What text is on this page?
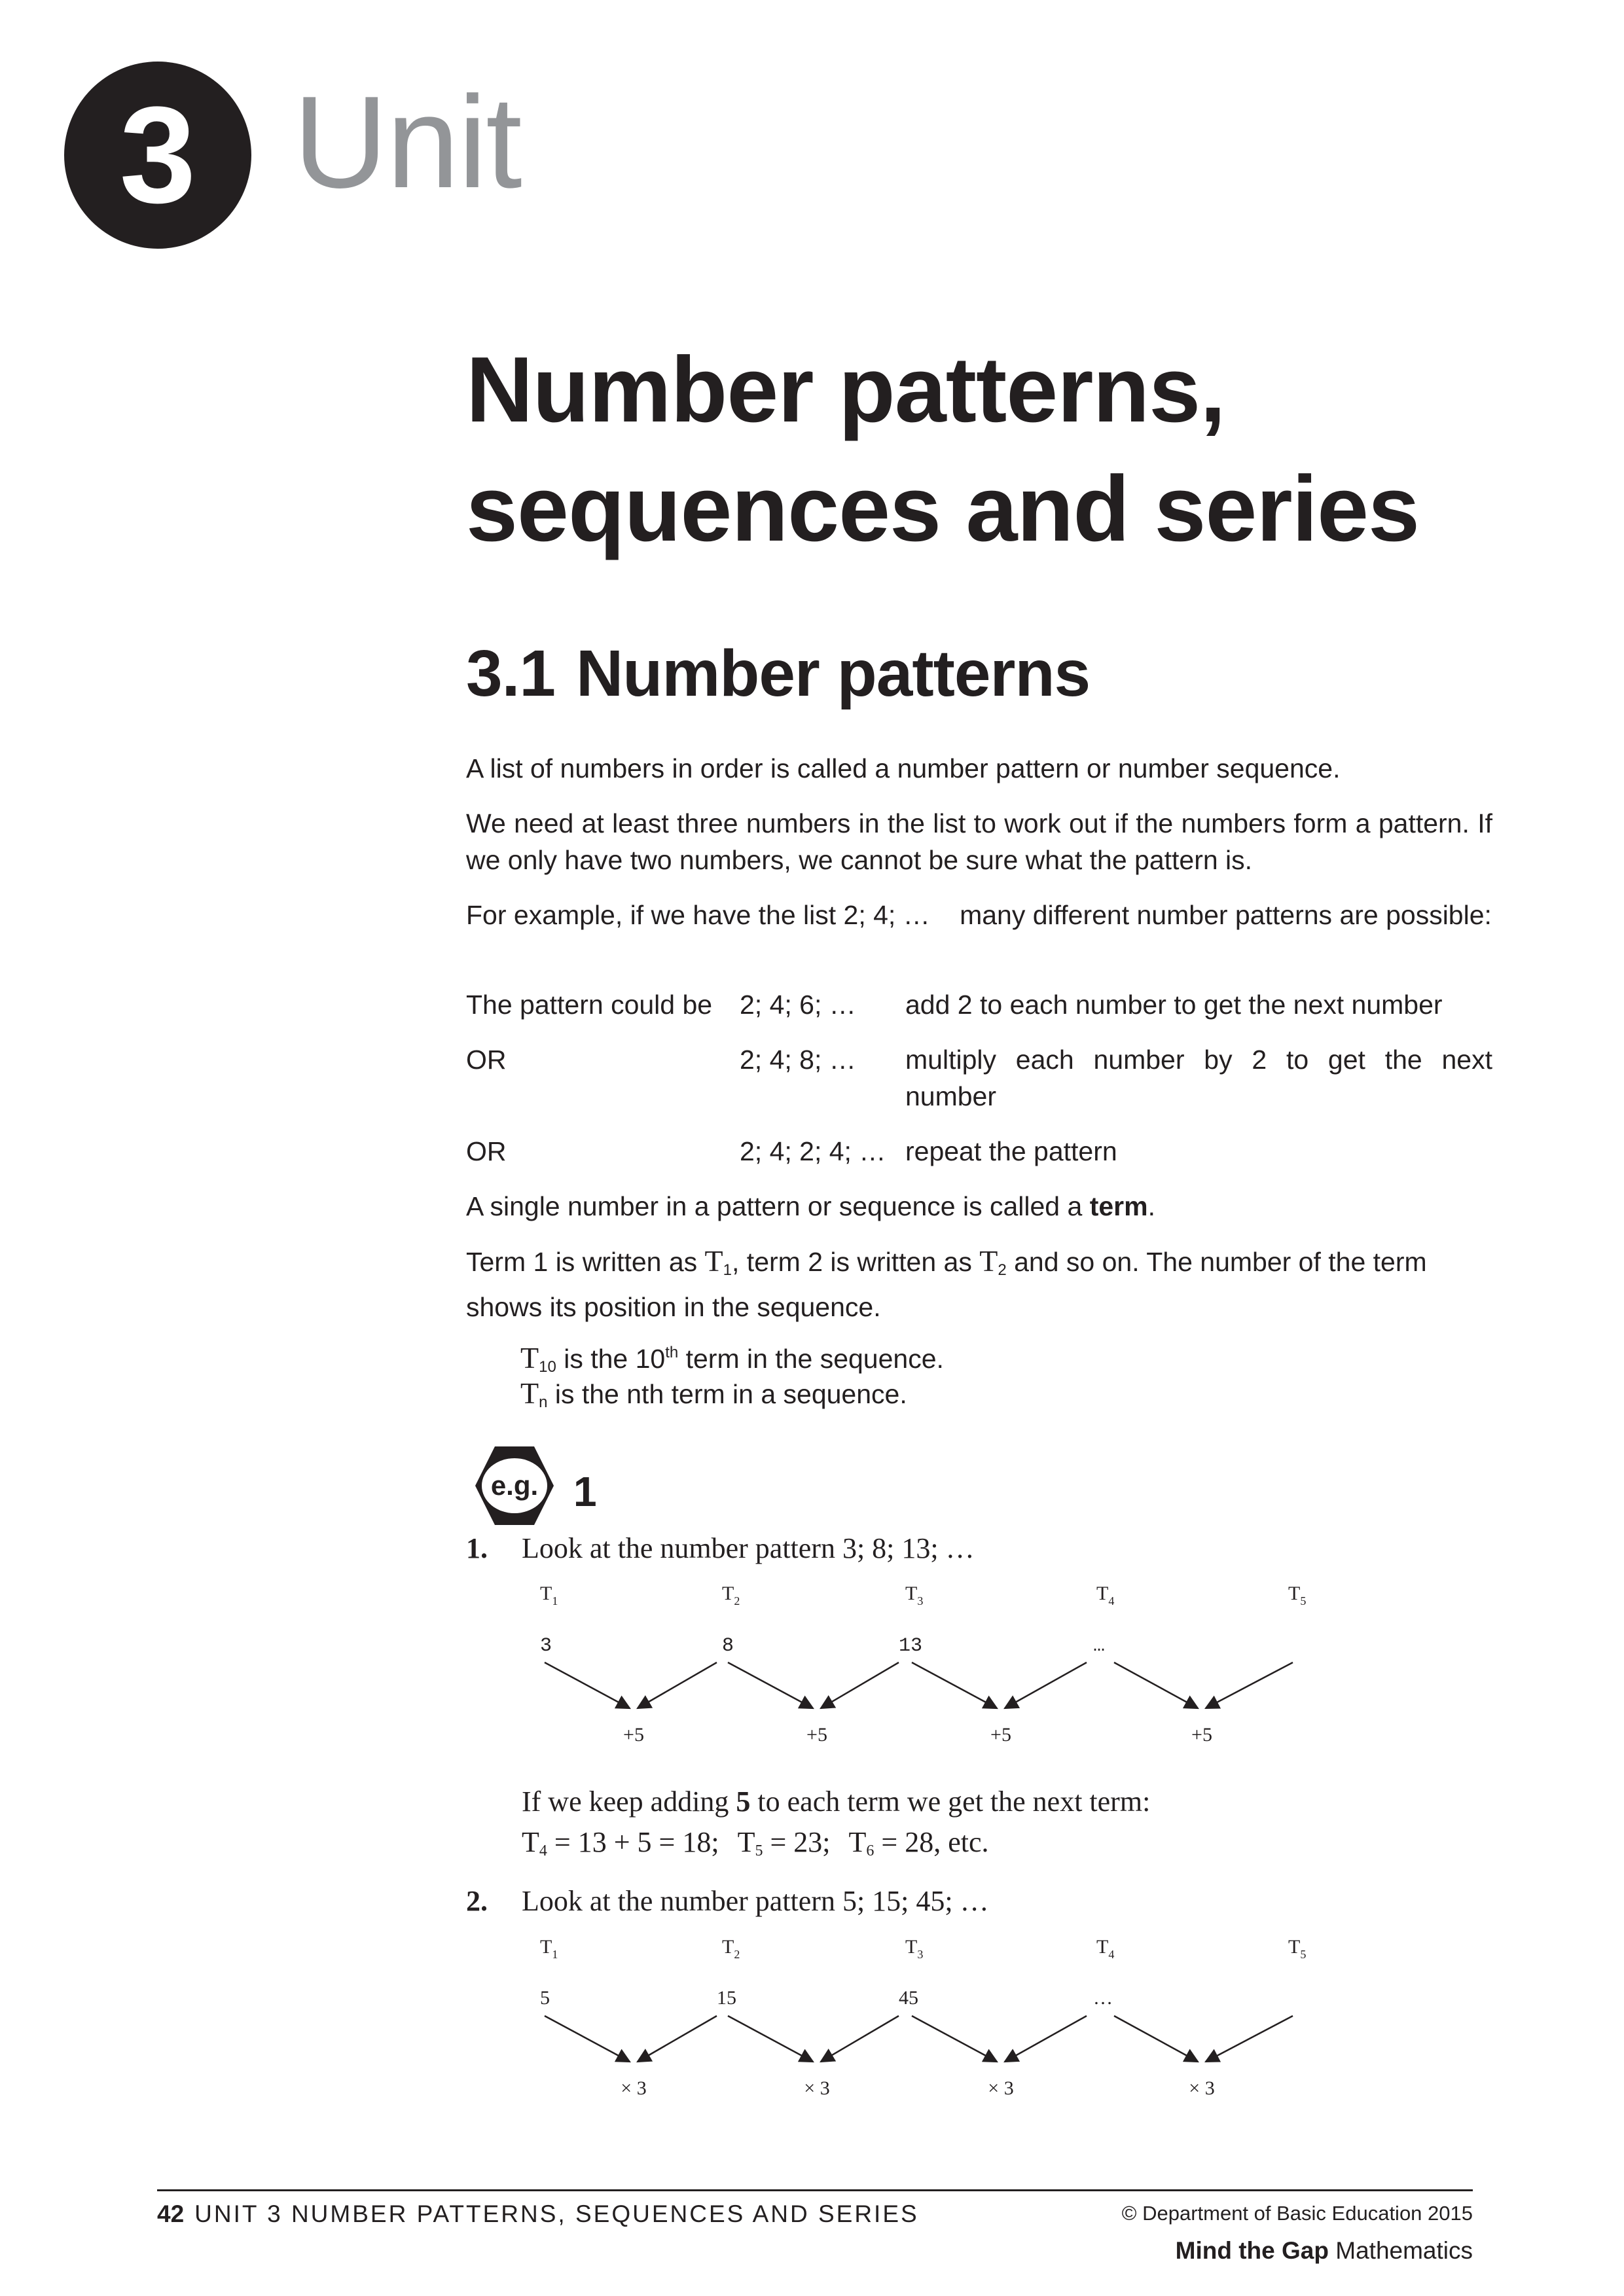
3 Unit
Number patterns,
sequences and series
3.1 Number patterns
A list of numbers in order is called a number pattern or number sequence.
We need at least three numbers in the list to work out if the numbers form a pattern. If we only have two numbers, we cannot be sure what the pattern is.
For example, if we have the list 2; 4; … many different number patterns are possible:
The pattern could be 2; 4; 6; … add 2 to each number to get the next number
OR	2; 4; 8; … multiply each number by 2 to get the next number
OR	2; 4; 2; 4; … repeat the pattern
A single number in a pattern or sequence is called a term.
Term 1 is written as $T_1$, term 2 is written as $T_2$ and so on. The number of the term shows its position in the sequence.
$T_{10}$ is the 10th term in the sequence.
$T_n$ is the nth term in a sequence.
e.g. 1
1. Look at the number pattern 3; 8; 13; …
$T_1$	$T_2$	$T_3$	$T_4$	$T_5$
3	8	13	…
+5	+5	+5	+5
If we keep adding 5 to each term we get the next term:
$T_4 = 13 + 5 = 18$; $T_5 = 23$; $T_6 = 28$, etc.
2. Look at the number pattern 5; 15; 45; …
$T_1$	$T_2$	$T_3$	$T_4$	$T_5$
5	15	45	…
× 3	× 3	× 3	× 3
42 UNIT 3 NUMBER PATTERNS, SEQUENCES AND SERIES	© Department of Basic Education 2015
Mind the Gap Mathematics
